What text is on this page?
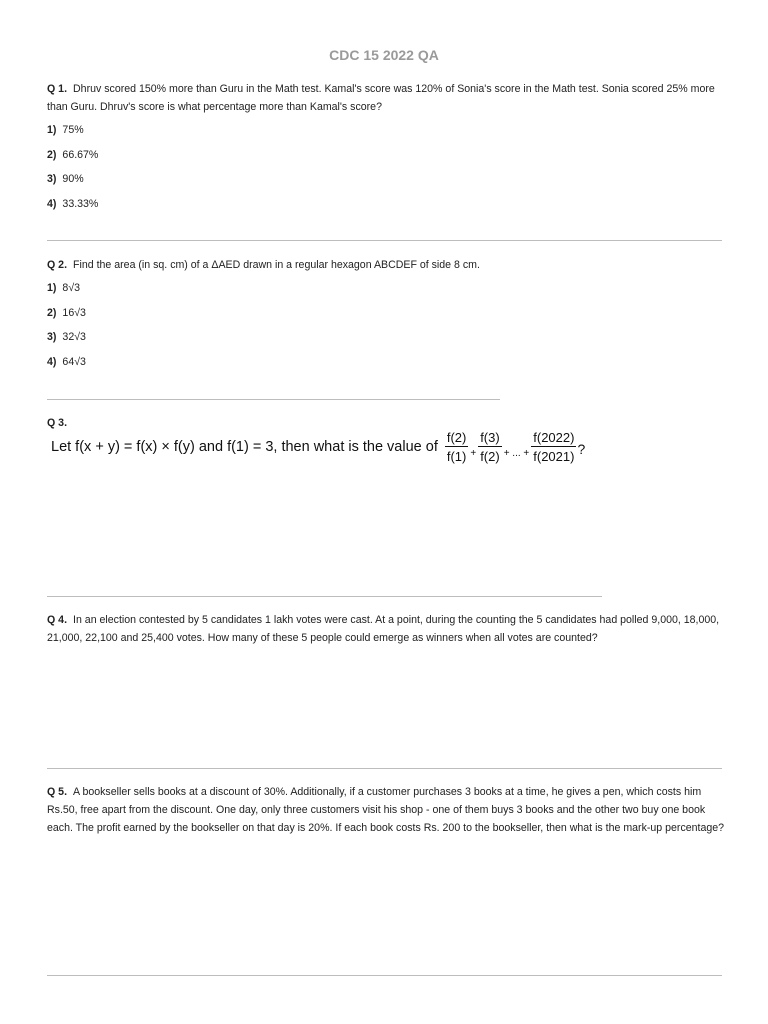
CDC 15 2022 QA
Q 1. Dhruv scored 150% more than Guru in the Math test. Kamal's score was 120% of Sonia's score in the Math test. Sonia scored 25% more than Guru. Dhruv's score is what percentage more than Kamal's score?
1) 75%
2) 66.67%
3) 90%
4) 33.33%
Q 2. Find the area (in sq. cm) of a ΔAED drawn in a regular hexagon ABCDEF of side 8 cm.
1) 8√3
2) 16√3
3) 32√3
4) 64√3
Q 3.
Let f(x + y) = f(x) × f(y) and f(1) = 3, then what is the value of $\frac{f(2)}{f(1)} + \frac{f(3)}{f(2)}$ + ... + $\frac{f(2022)}{f(2021)}$ ?
Q 4. In an election contested by 5 candidates 1 lakh votes were cast. At a point, during the counting the 5 candidates had polled 9,000, 18,000, 21,000, 22,100 and 25,400 votes. How many of these 5 people could emerge as winners when all votes are counted?
Q 5. A bookseller sells books at a discount of 30%. Additionally, if a customer purchases 3 books at a time, he gives a pen, which costs him Rs.50, free apart from the discount. One day, only three customers visit his shop - one of them buys 3 books and the other two buy one book each. The profit earned by the bookseller on that day is 20%. If each book costs Rs. 200 to the bookseller, then what is the mark-up percentage?
